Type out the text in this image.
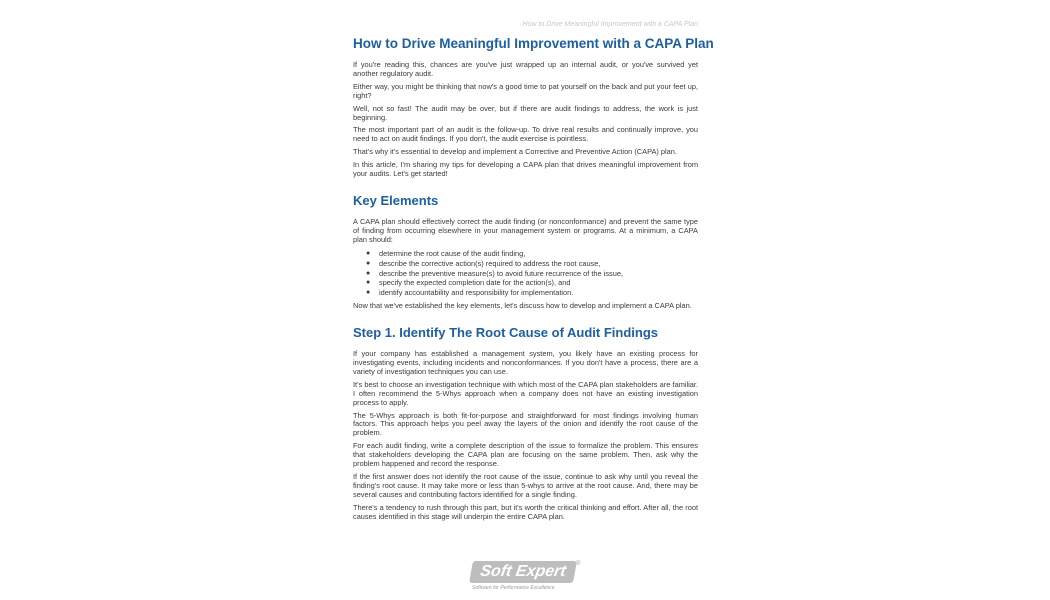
How to Drive Meaningful Improvement with a CAPA Plan
How to Drive Meaningful Improvement with a CAPA Plan

If you're reading this, chances are you've just wrapped up an internal audit, or you've survived yet another regulatory audit.

Either way, you might be thinking that now's a good time to pat yourself on the back and put your feet up, right?

Well, not so fast! The audit may be over, but if there are audit findings to address, the work is just beginning.

The most important part of an audit is the follow-up. To drive real results and continually improve, you need to act on audit findings. If you don't, the audit exercise is pointless.

That's why it's essential to develop and implement a Corrective and Preventive Action (CAPA) plan.

In this article, I'm sharing my tips for developing a CAPA plan that drives meaningful improvement from your audits. Let's get started!

Key Elements

A CAPA plan should effectively correct the audit finding (or nonconformance) and prevent the same type of finding from occurring elsewhere in your management system or programs. At a minimum, a CAPA plan should:

● determine the root cause of the audit finding,
● describe the corrective action(s) required to address the root cause,
● describe the preventive measure(s) to avoid future recurrence of the issue,
● specify the expected completion date for the action(s), and
● identify accountability and responsibility for implementation.

Now that we've established the key elements, let's discuss how to develop and implement a CAPA plan.

Step 1. Identify The Root Cause of Audit Findings

If your company has established a management system, you likely have an existing process for investigating events, including incidents and nonconformances. If you don't have a process, there are a variety of investigation techniques you can use.

It's best to choose an investigation technique with which most of the CAPA plan stakeholders are familiar. I often recommend the 5-Whys approach when a company does not have an existing investigation process to apply.

The 5-Whys approach is both fit-for-purpose and straightforward for most findings involving human factors. This approach helps you peel away the layers of the onion and identify the root cause of the problem.

For each audit finding, write a complete description of the issue to formalize the problem. This ensures that stakeholders developing the CAPA plan are focusing on the same problem. Then, ask why the problem happened and record the response.

If the first answer does not identify the root cause of the issue, continue to ask why until you reveal the finding's root cause. It may take more or less than 5-whys to arrive at the root cause. And, there may be several causes and contributing factors identified for a single finding.

There's a tendency to rush through this part, but it's worth the critical thinking and effort. After all, the root causes identified in this stage will underpin the entire CAPA plan.

Soft Expert	®
Software for Performance Excellence
